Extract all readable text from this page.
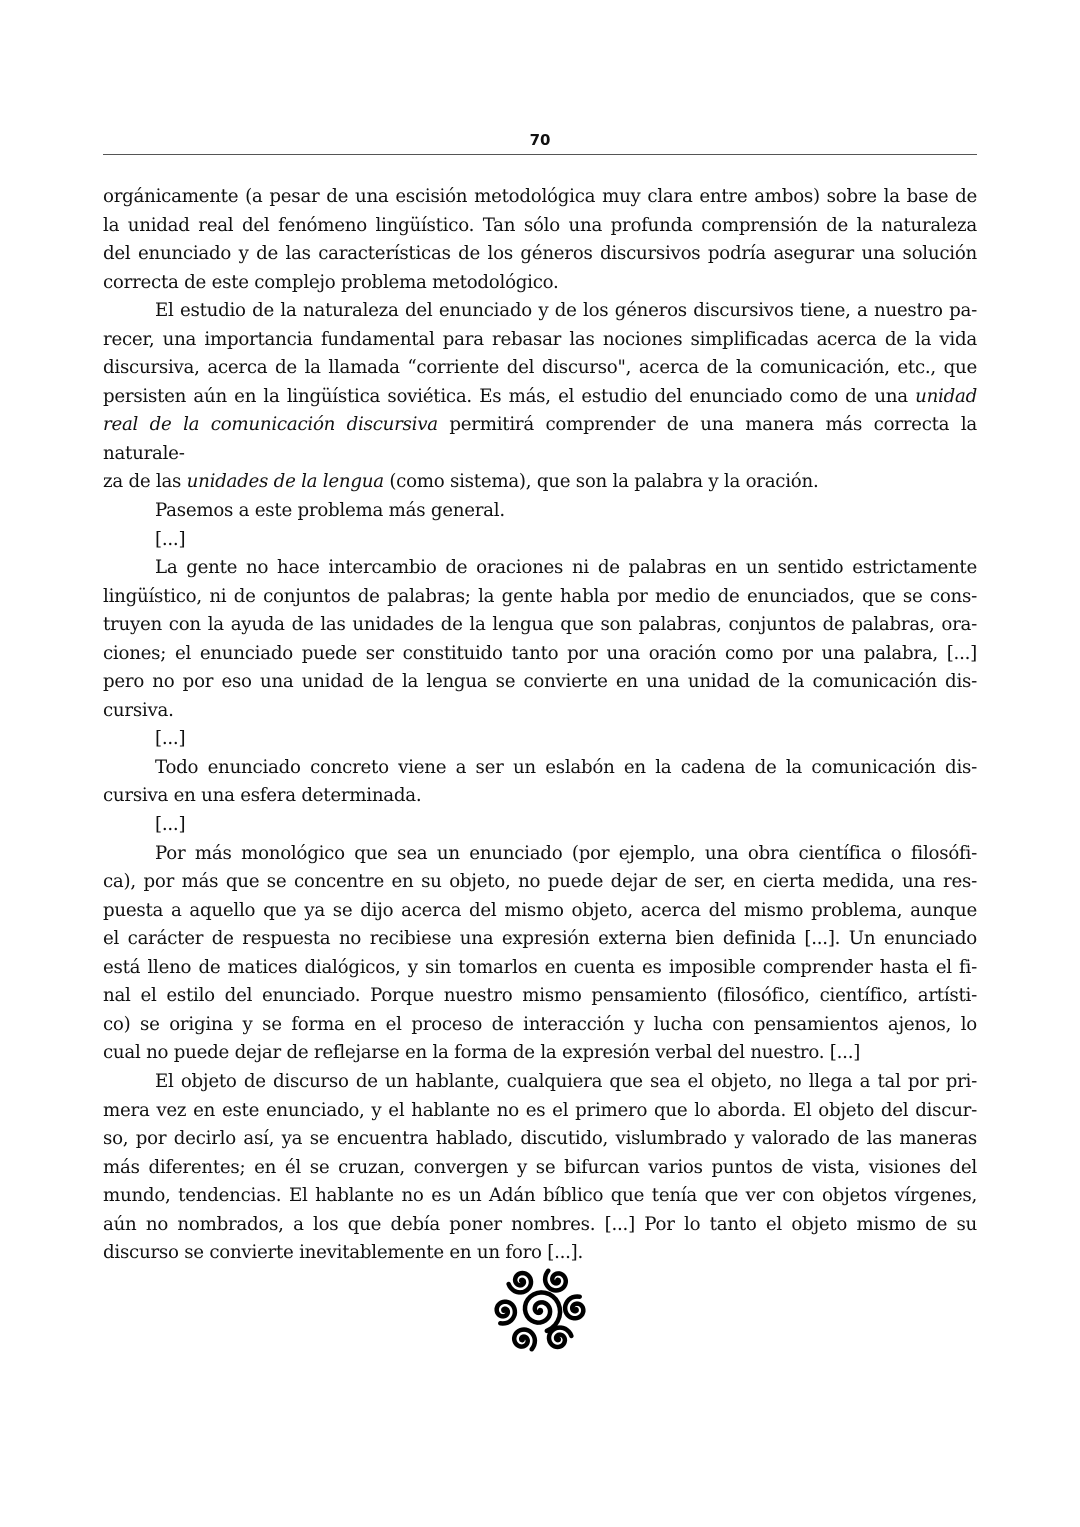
70
orgánicamente (a pesar de una escisión metodológica muy clara entre ambos) sobre la base de
la unidad real del fenómeno lingüístico. Tan sólo una profunda comprensión de la naturaleza
del enunciado y de las características de los géneros discursivos podría asegurar una solución
correcta de este complejo problema metodológico.
El estudio de la naturaleza del enunciado y de los géneros discursivos tiene, a nuestro pa-
recer, una importancia fundamental para rebasar las nociones simplificadas acerca de la vida
discursiva, acerca de la llamada “corriente del discurso", acerca de la comunicación, etc., que
persisten aún en la lingüística soviética. Es más, el estudio del enunciado como de una unidad
real de la comunicación discursiva permitirá comprender de una manera más correcta la naturale-
za de las unidades de la lengua (como sistema), que son la palabra y la oración.
Pasemos a este problema más general.
[...]
La gente no hace intercambio de oraciones ni de palabras en un sentido estrictamente
lingüístico, ni de conjuntos de palabras; la gente habla por medio de enunciados, que se cons-
truyen con la ayuda de las unidades de la lengua que son palabras, conjuntos de palabras, ora-
ciones; el enunciado puede ser constituido tanto por una oración como por una palabra, [...]
pero no por eso una unidad de la lengua se convierte en una unidad de la comunicación dis-
cursiva.
[...]
Todo enunciado concreto viene a ser un eslabón en la cadena de la comunicación dis-
cursiva en una esfera determinada.
[...]
Por más monológico que sea un enunciado (por ejemplo, una obra científica o filosófi-
ca), por más que se concentre en su objeto, no puede dejar de ser, en cierta medida, una res-
puesta a aquello que ya se dijo acerca del mismo objeto, acerca del mismo problema, aunque
el carácter de respuesta no recibiese una expresión externa bien definida [...]. Un enunciado
está lleno de matices dialógicos, y sin tomarlos en cuenta es imposible comprender hasta el fi-
nal el estilo del enunciado. Porque nuestro mismo pensamiento (filosófico, científico, artísti-
co) se origina y se forma en el proceso de interacción y lucha con pensamientos ajenos, lo
cual no puede dejar de reflejarse en la forma de la expresión verbal del nuestro. [...]
El objeto de discurso de un hablante, cualquiera que sea el objeto, no llega a tal por pri-
mera vez en este enunciado, y el hablante no es el primero que lo aborda. El objeto del discur-
so, por decirlo así, ya se encuentra hablado, discutido, vislumbrado y valorado de las maneras
más diferentes; en él se cruzan, convergen y se bifurcan varios puntos de vista, visiones del
mundo, tendencias. El hablante no es un Adán bíblico que tenía que ver con objetos vírgenes,
aún no nombrados, a los que debía poner nombres. [...] Por lo tanto el objeto mismo de su
discurso se convierte inevitablemente en un foro [...].
